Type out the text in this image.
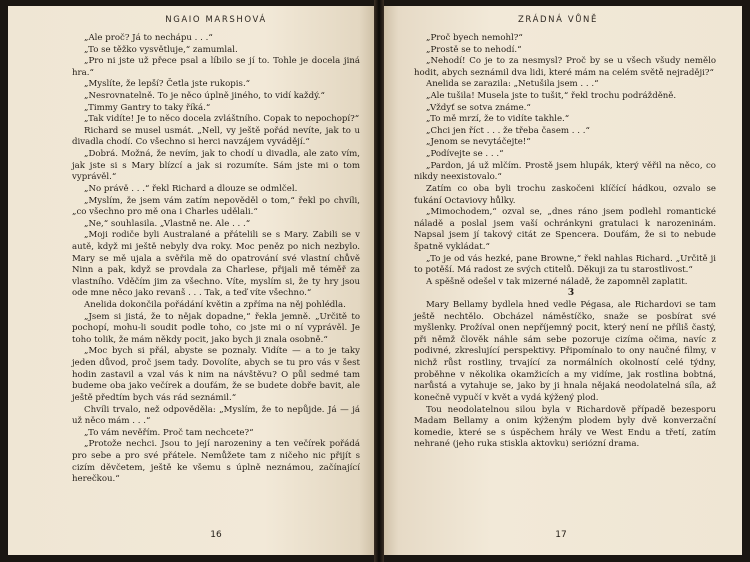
NGAIO MARSHOVÁ

„Ale proč? Já to nechápu . . .“

„To se těžko vysvětluje,“ zamumlal.

„Pro ni jste už přece psal a líbilo se jí to. Tohle je docela jiná hra.“

„Myslíte, že lepší? Četla jste rukopis.“

„Nesrovnatelně. To je něco úplně jiného, to vidí každý.“

„Timmy Gantry to taky říká.“

„Tak vidíte! Je to něco docela zvláštního. Copak to nepochopí?“

Richard se musel usmát. „Nell, vy ještě pořád nevíte, jak to u divadla chodí. Co všechno si herci navzájem vyvádějí.“

„Dobrá. Možná, že nevím, jak to chodí u divadla, ale zato vím, jak jste si s Mary blízcí a jak si rozumíte. Sám jste mi o tom vyprávěl.“

„No právě . . .“ řekl Richard a dlouze se odmlčel.

„Myslím, že jsem vám zatím nepověděl o tom,“ řekl po chvíli, „co všechno pro mě ona i Charles udělali.“

„Ne,“ souhlasila. „Vlastně ne. Ale . . .“

„Moji rodiče byli Australané a přátelili se s Mary. Zabili se v autě, když mi ještě nebyly dva roky. Moc peněz po nich nezbylo. Mary se mě ujala a svěřila mě do opatrování své vlastní chůvě Ninn a pak, když se provdala za Charlese, přijali mě téměř za vlastního. Vděčím jim za všechno. Víte, myslím si, že ty hry jsou ode mne něco jako revanš . . . Tak, a teď víte všechno.“

Anelida dokončila pořádání květin a zpříma na něj pohlédla.

„Jsem si jistá, že to nějak dopadne,“ řekla jemně. „Určitě to pochopí, mohu-li soudit podle toho, co jste mi o ní vyprávěl. Je toho tolik, že mám někdy pocit, jako bych ji znala osobně.“

„Moc bych si přál, abyste se poznaly. Vidíte — a to je taky jeden důvod, proč jsem tady. Dovolíte, abych se tu pro vás v šest hodin zastavil a vzal vás k nim na návštěvu? O půl sedmé tam budeme oba jako večírek a doufám, že se budete dobře bavit, ale ještě předtím bych vás rád seznámil.“

Chvíli trvalo, než odpověděla: „Myslím, že to nepůjde. Já — já už něco mám . . .“

„To vám nevěřím. Proč tam nechcete?“

„Protože nechci. Jsou to její narozeniny a ten večírek pořádá pro sebe a pro své přátele. Nemůžete tam z ničeho nic přijít s cizím děvčetem, ještě ke všemu s úplně neznámou, začínající herečkou.“

16
ZRÁDNÁ VŮNĚ

„Proč byech nemohl?“

„Prostě se to nehodí.“

„Nehodí! Co je to za nesmysl? Proč by se u všech všudy nemělo hodit, abych seznámil dva lidi, které mám na celém světě nejraději?“

Anelida se zarazila: „Netušila jsem . . .“

„Ale tušila! Musela jste to tušit,“ řekl trochu podrážděně.

„Vždyť se sotva známe.“

„To mě mrzí, že to vidíte takhle.“

„Chci jen říct . . . že třeba časem . . .“

„Jenom se nevytáčejte!“

„Podívejte se . . .“

„Pardon, já už mlčím. Prostě jsem hlupák, který věřil na něco, co nikdy neexistovalo.“

Zatím co oba byli trochu zaskočeni klíčící hádkou, ozvalo se ťukání Octaviovy hůlky.

„Mimochodem,“ ozval se, „dnes ráno jsem podlehl romantické náladě a poslal jsem vaší ochránkyni gratulaci k narozeninám. Napsal jsem jí takový citát ze Spencera. Doufám, že si to nebude špatně vykládat.“

„To je od vás hezké, pane Browne,“ řekl nahlas Richard. „Určitě ji to potěší. Má radost ze svých ctitelů. Děkuji za tu starostlivost.“

A spěšně odešel v tak mizerné náladě, že zapomněl zaplatit.

3

Mary Bellamy bydlela hned vedle Pégasa, ale Richardovi se tam ještě nechtělo. Obcházel náměstíčko, snaže se posbírat své myšlenky. Prožíval onen nepříjemný pocit, který není ne příliš častý, při němž člověk náhle sám sebe pozoruje cizíma očima, navíc z podivné, zkreslující perspektivy. Připomínalo to ony naučné filmy, v nichž růst rostliny, trvající za normálních okolností celé týdny, proběhne v několika okamžicích a my vidíme, jak rostlina bobtná, narůstá a vytahuje se, jako by ji hnala nějaká neodolatelná síla, až konečně vypučí v květ a vydá kýžený plod.

Tou neodolatelnou silou byla v Richardově případě bezesporu Madam Bellamy a onim kýženým plodem byly dvě konverzační komedie, které se s úspěchem hrály ve West Endu a třetí, zatím nehrané (jeho ruka stiskla aktovku) seriózní drama.

17
